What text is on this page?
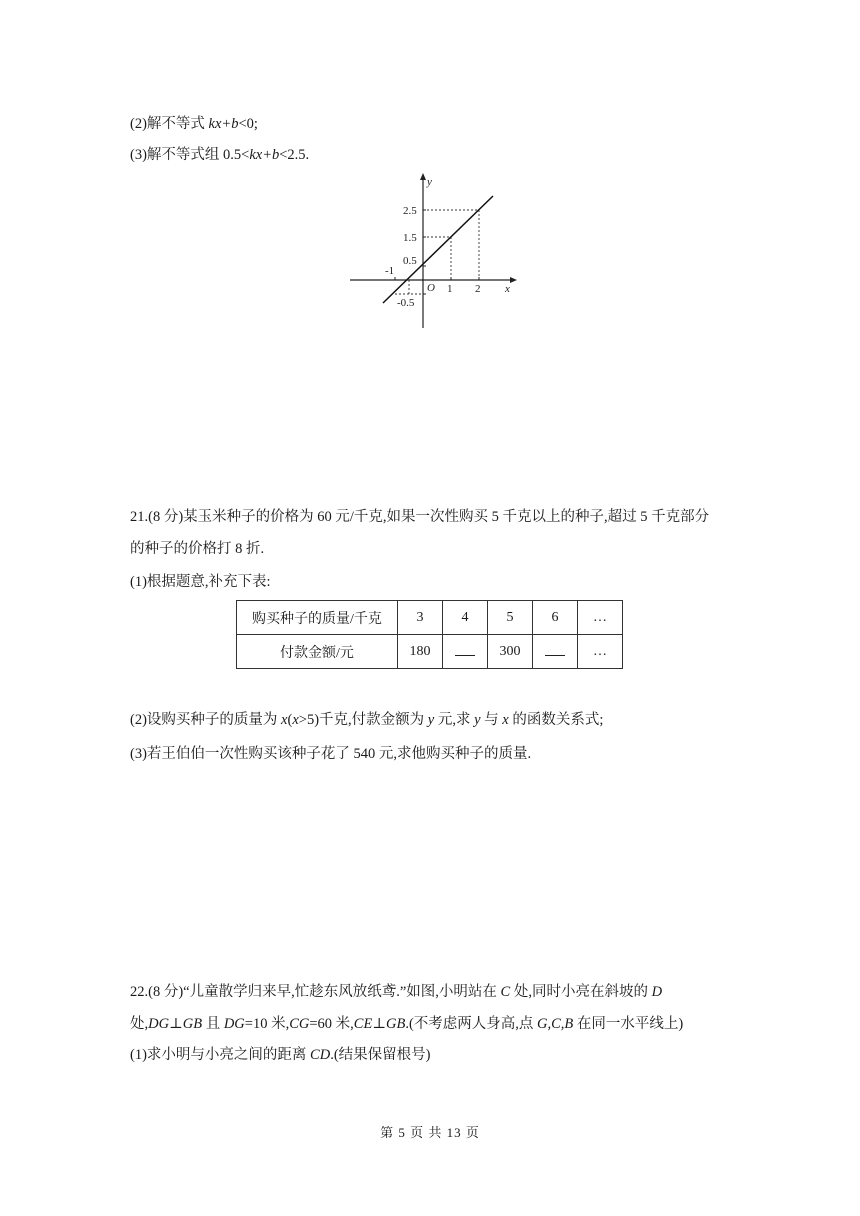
(2)解不等式 kx+b<0;
(3)解不等式组 0.5<kx+b<2.5.
y
x
O
2.5
1.5
0.5
-0.5
-1
1 2
21.(8 分)某玉米种子的价格为 60 元/千克,如果一次性购买 5 千克以上的种子,超过 5 千克部分
的种子的价格打 8 折.
(1)根据题意,补充下表:
购买种子的质量/千克	3	4	5	6	…
付款金额/元	180		300		…
(2)设购买种子的质量为 x(x>5)千克,付款金额为 y 元,求 y 与 x 的函数关系式;
(3)若王伯伯一次性购买该种子花了 540 元,求他购买种子的质量.
22.(8 分)“儿童散学归来早,忙趁东风放纸鸢.”如图,小明站在 C 处,同时小亮在斜坡的 D
处,DG⊥GB 且 DG=10 米,CG=60 米,CE⊥GB.(不考虑两人身高,点 G,C,B 在同一水平线上)
(1)求小明与小亮之间的距离 CD.(结果保留根号)
第 5 页 共 13 页
